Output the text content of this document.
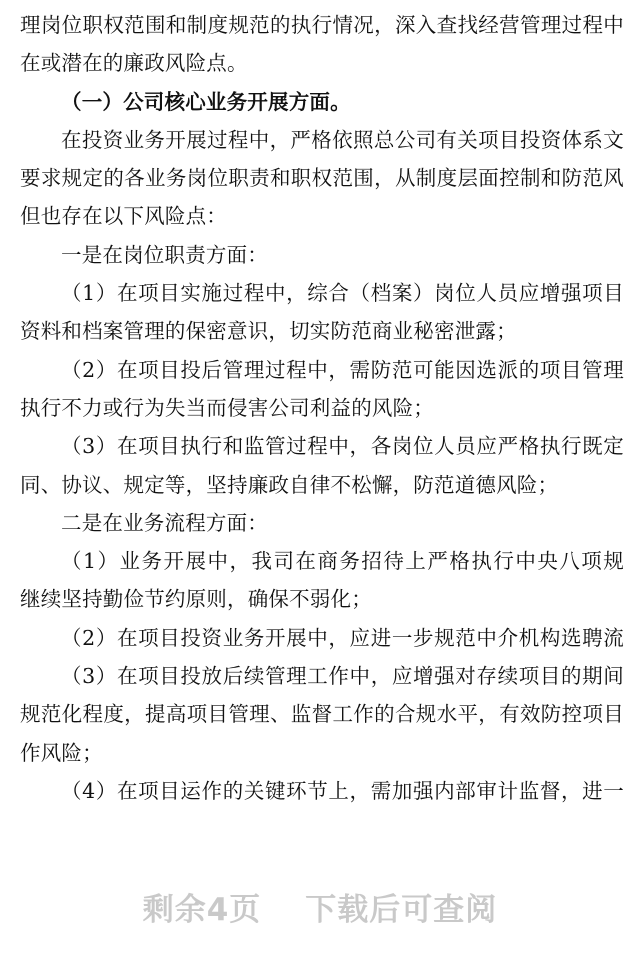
理岗位职权范围和制度规范的执行情况，深入查找经营管理过程中
在或潜在的廉政风险点。
（一）公司核心业务开展方面。
在投资业务开展过程中，严格依照总公司有关项目投资体系文
要求规定的各业务岗位职责和职权范围，从制度层面控制和防范风
但也存在以下风险点：
一是在岗位职责方面：
（1）在项目实施过程中，综合（档案）岗位人员应增强项目
资料和档案管理的保密意识，切实防范商业秘密泄露；
（2）在项目投后管理过程中，需防范可能因选派的项目管理
执行不力或行为失当而侵害公司利益的风险；
（3）在项目执行和监管过程中，各岗位人员应严格执行既定
同、协议、规定等，坚持廉政自律不松懈，防范道德风险；
二是在业务流程方面：
（1）业务开展中，我司在商务招待上严格执行中央八项规
继续坚持勤俭节约原则，确保不弱化；
（2）在项目投资业务开展中，应进一步规范中介机构选聘流
（3）在项目投放后续管理工作中，应增强对存续项目的期间
规范化程度，提高项目管理、监督工作的合规水平，有效防控项目
作风险；
（4）在项目运作的关键环节上，需加强内部审计监督，进一
剩余4页 下载后可查阅
